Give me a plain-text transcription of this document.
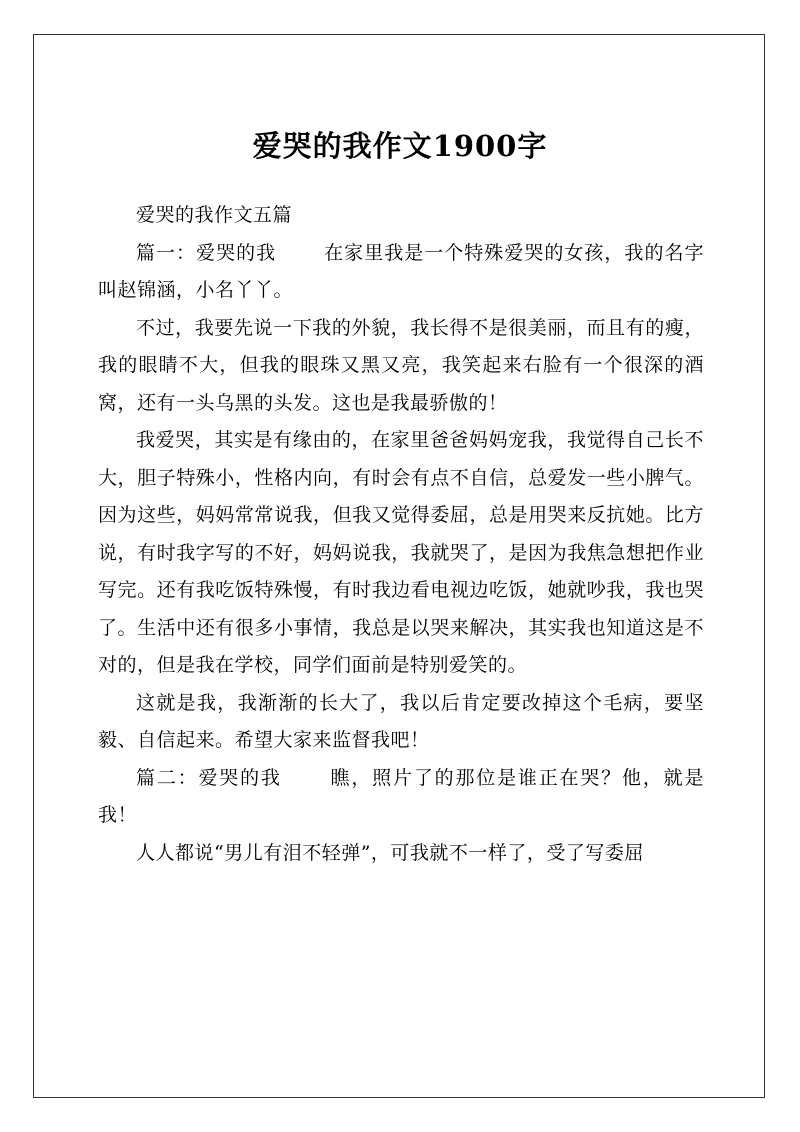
爱哭的我作文1900字

爱哭的我作文五篇

篇一：爱哭的我	在家里我是一个特殊爱哭的女孩，我的名字叫赵锦涵，小名丫丫。

不过，我要先说一下我的外貌，我长得不是很美丽，而且有的瘦，我的眼睛不大，但我的眼珠又黑又亮，我笑起来右脸有一个很深的酒窝，还有一头乌黑的头发。这也是我最骄傲的！

我爱哭，其实是有缘由的，在家里爸爸妈妈宠我，我觉得自己长不大，胆子特殊小，性格内向，有时会有点不自信，总爱发一些小脾气。因为这些，妈妈常常说我，但我又觉得委屈，总是用哭来反抗她。比方说，有时我字写的不好，妈妈说我，我就哭了，是因为我焦急想把作业写完。还有我吃饭特殊慢，有时我边看电视边吃饭，她就吵我，我也哭了。生活中还有很多小事情，我总是以哭来解决，其实我也知道这是不对的，但是我在学校，同学们面前是特别爱笑的。

这就是我，我渐渐的长大了，我以后肯定要改掉这个毛病，要坚毅、自信起来。希望大家来监督我吧！

篇二：爱哭的我	瞧，照片了的那位是谁正在哭？他，就是我！

人人都说“男儿有泪不轻弹”，可我就不一样了，受了写委屈
